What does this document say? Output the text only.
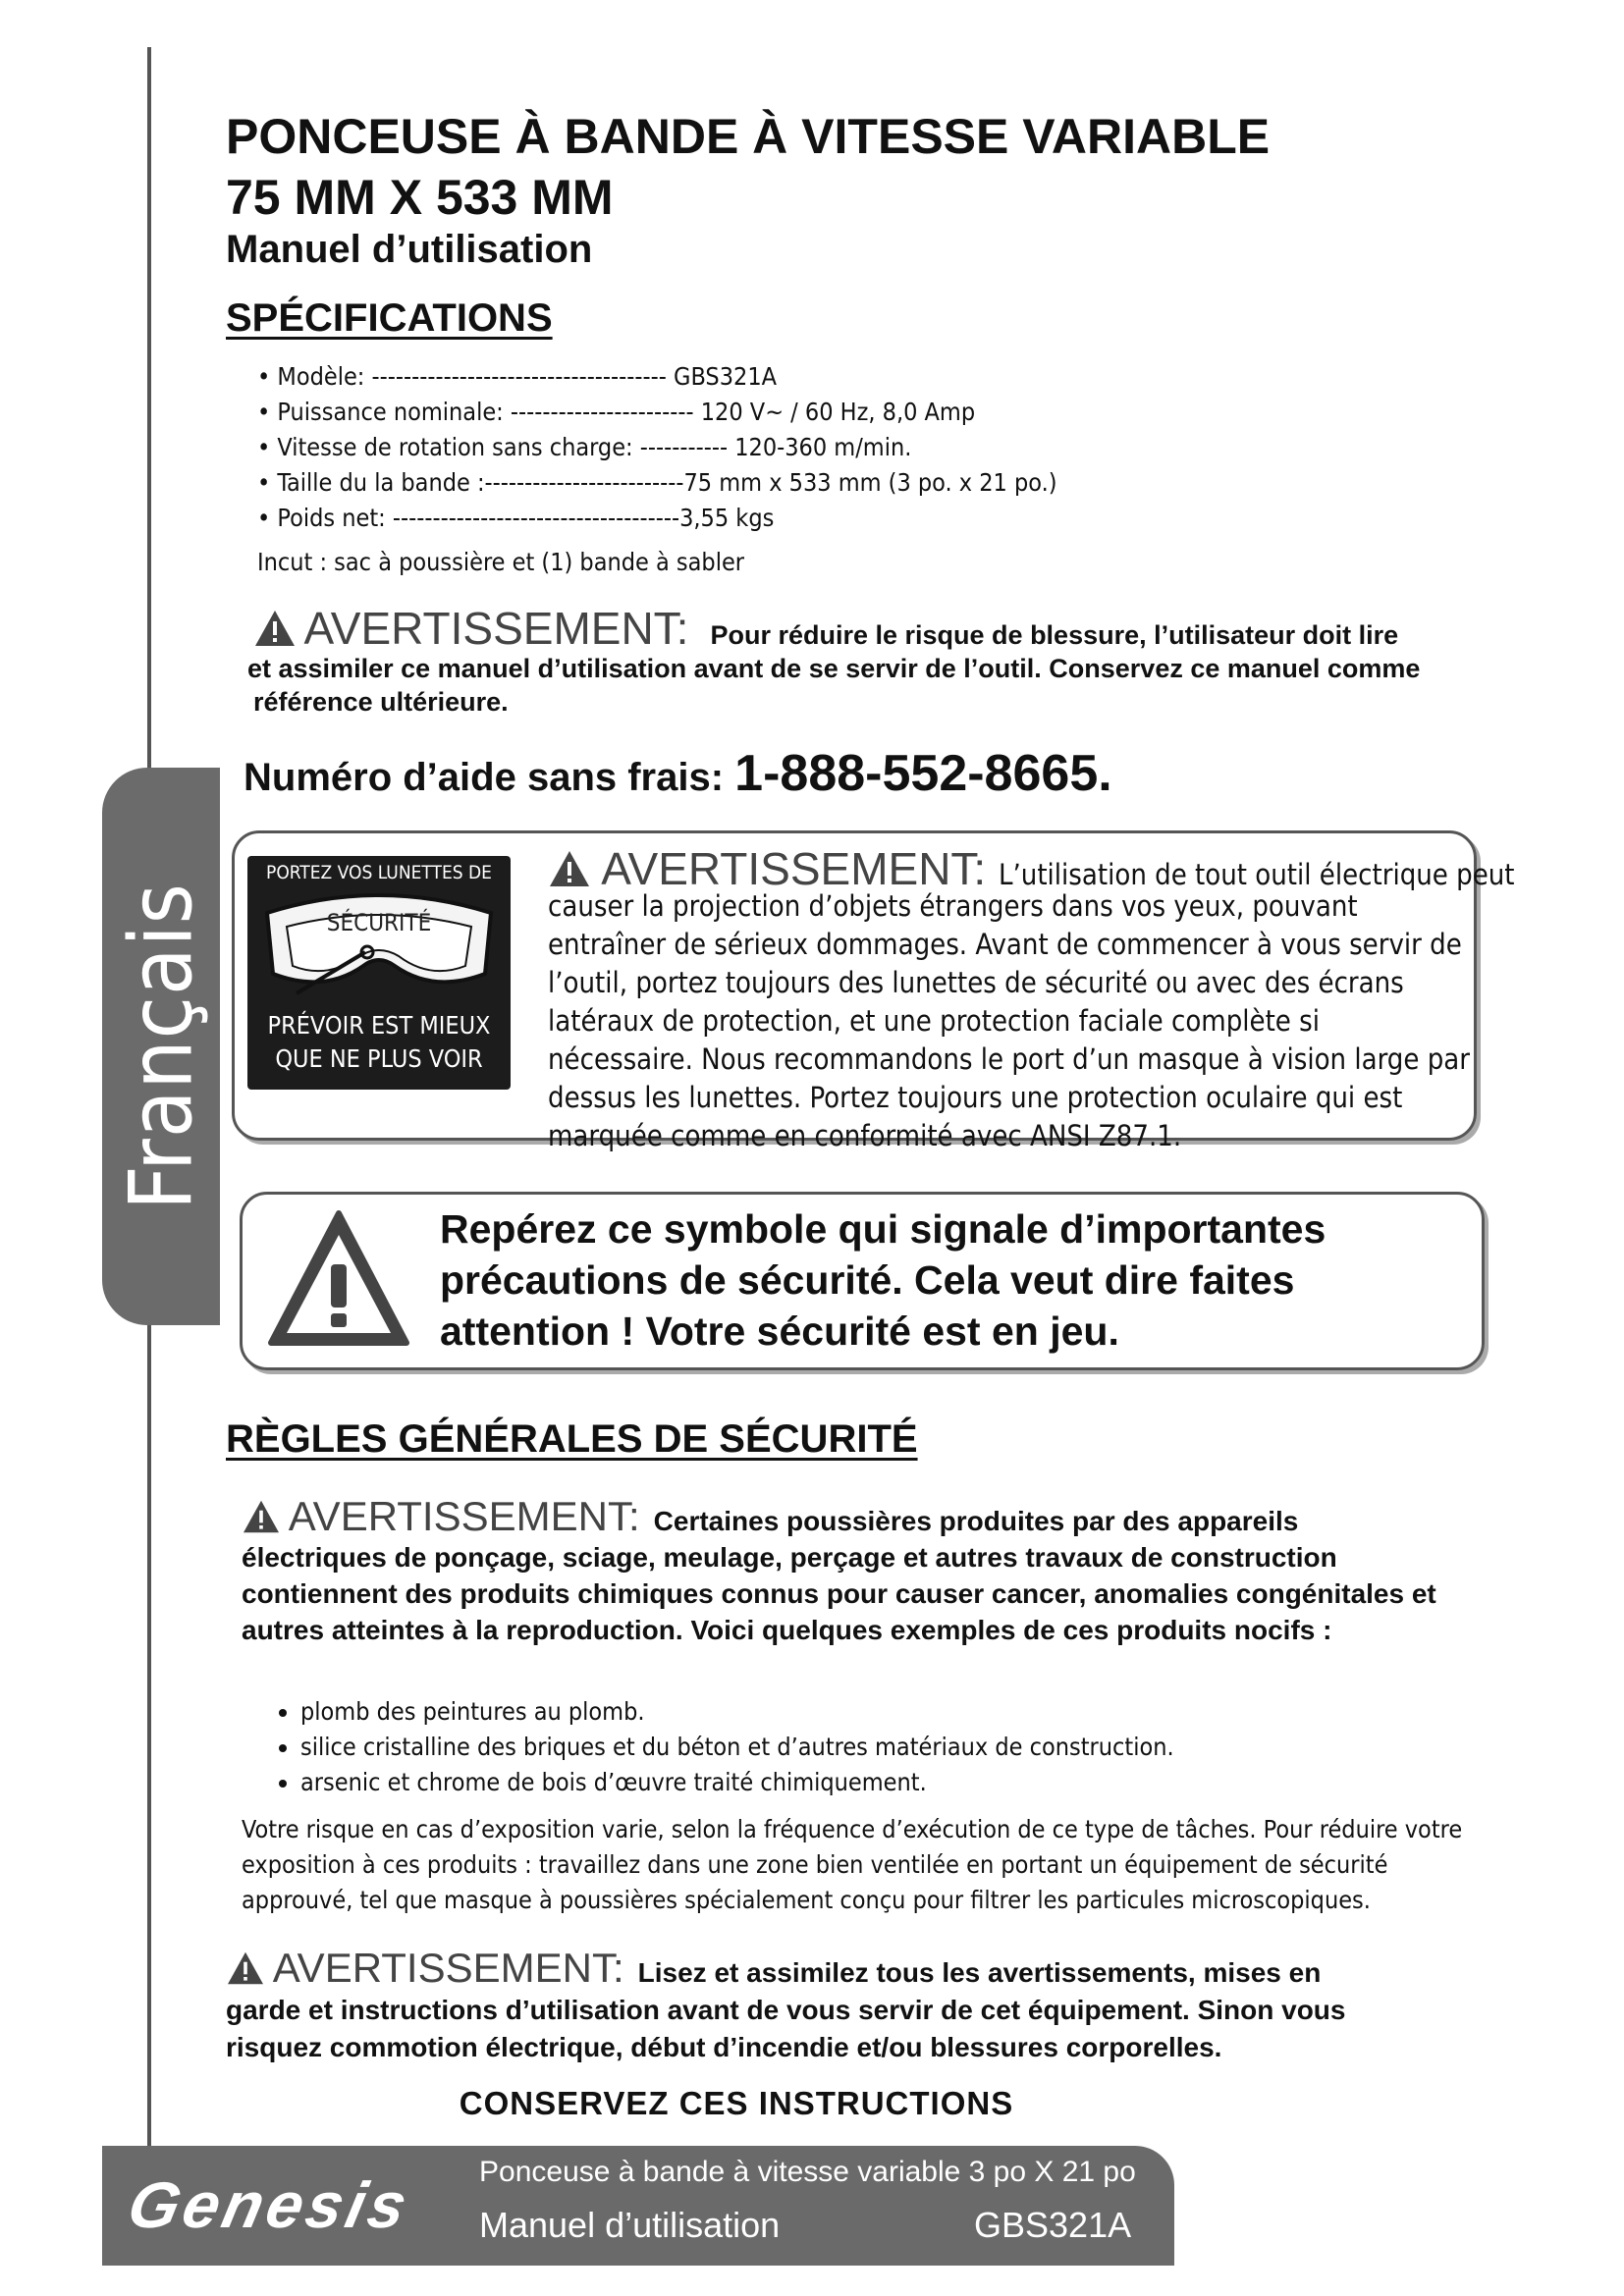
Français
PONCEUSE À BANDE À VITESSE VARIABLE
75 MM X 533 MM
Manuel d’utilisation
SPÉCIFICATIONS
• Modèle: ------------------------------------- GBS321A
• Puissance nominale: ----------------------- 120 V~ / 60 Hz, 8,0 Amp
• Vitesse de rotation sans charge: ----------- 120-360 m/min.
• Taille du la bande :-------------------------75 mm x 533 mm (3 po. x 21 po.)
• Poids net: ------------------------------------3,55 kgs

Incut : sac à poussière et (1) bande à sabler

AVERTISSEMENT: Pour réduire le risque de blessure, l’utilisateur doit lire
et assimiler ce manuel d’utilisation avant de se servir de l’outil. Conservez ce manuel comme référence ultérieure.
Numéro d’aide sans frais: 1-888-552-8665.
PORTEZ VOS LUNETTES DE
SÉCURITÉ
PRÉVOIR EST MIEUX
QUE NE PLUS VOIR
AVERTISSEMENT: L’utilisation de tout outil électrique peut

causer la projection d’objets étrangers dans vos yeux, pouvant entraîner de sérieux dommages. Avant de commencer à vous servir de l’outil, portez toujours des lunettes de sécurité ou avec des écrans latéraux de protection, et une protection faciale complète si nécessaire. Nous recommandons le port d’un masque à vision large par dessus les lunettes. Portez toujours une protection oculaire qui est marquée comme en conformité avec ANSI Z87.1.

Repérez ce symbole qui signale d’importantes précautions de sécurité. Cela veut dire faites attention ! Votre sécurité est en jeu.

RÈGLES GÉNÉRALES DE SÉCURITÉ
AVERTISSEMENT: Certaines poussières produites par des appareils
électriques de ponçage, sciage, meulage, perçage et autres travaux de construction contiennent des produits chimiques connus pour causer cancer, anomalies congénitales et autres atteintes à la reproduction. Voici quelques exemples de ces produits nocifs :
• plomb des peintures au plomb.
• silice cristalline des briques et du béton et d’autres matériaux de construction.
• arsenic et chrome de bois d’œuvre traité chimiquement.

Votre risque en cas d’exposition varie, selon la fréquence d’exécution de ce type de tâches. Pour réduire votre exposition à ces produits : travaillez dans une zone bien ventilée en portant un équipement de sécurité approuvé, tel que masque à poussières spécialement conçu pour filtrer les particules microscopiques.

AVERTISSEMENT: Lisez et assimilez tous les avertissements, mises en
garde et instructions d’utilisation avant de vous servir de cet équipement. Sinon vous risquez commotion électrique, début d’incendie et/ou blessures corporelles.
CONSERVEZ CES INSTRUCTIONS
Genesis Ponceuse à bande à vitesse variable 3 po X 21 po
Manuel d’utilisation	GBS321A
